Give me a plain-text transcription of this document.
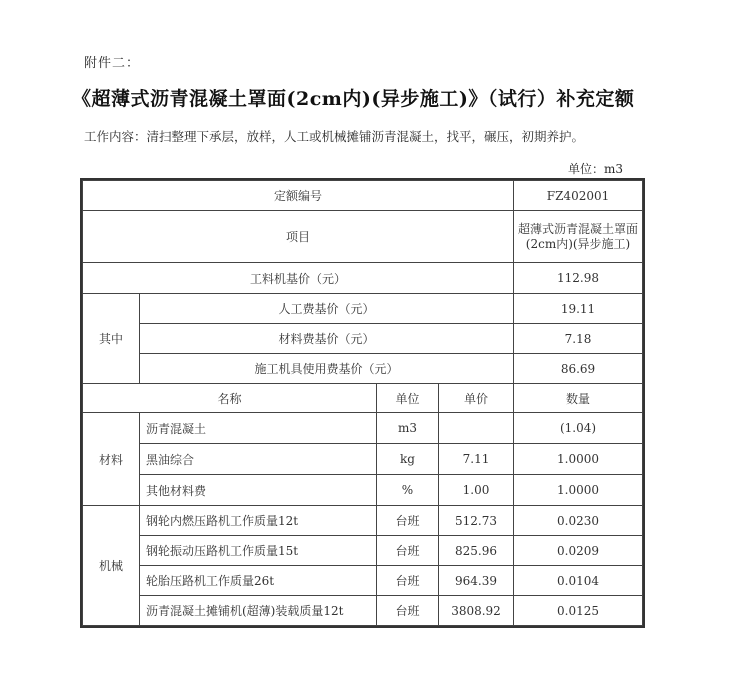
附件二：
《超薄式沥青混凝土罩面(2cm内)(异步施工)》（试行）补充定额
工作内容：清扫整理下承层，放样，人工或机械摊铺沥青混凝土，找平，碾压，初期养护。
单位：m3
定额编号				FZ402001
项目				超薄式沥青混凝土罩面(2cm内)(异步施工)
工料机基价（元）				112.98
其中	人工费基价（元）			19.11
	材料费基价（元）			7.18
	施工机具使用费基价（元）			86.69
名称		单位	单价	数量
材料	沥青混凝土	m3		(1.04)
	黑油综合	kg	7.11	1.0000
	其他材料费	%	1.00	1.0000
机械	钢轮内燃压路机工作质量12t	台班	512.73	0.0230
	钢轮振动压路机工作质量15t	台班	825.96	0.0209
	轮胎压路机工作质量26t	台班	964.39	0.0104
	沥青混凝土摊铺机(超薄)装载质量12t	台班	3808.92	0.0125
